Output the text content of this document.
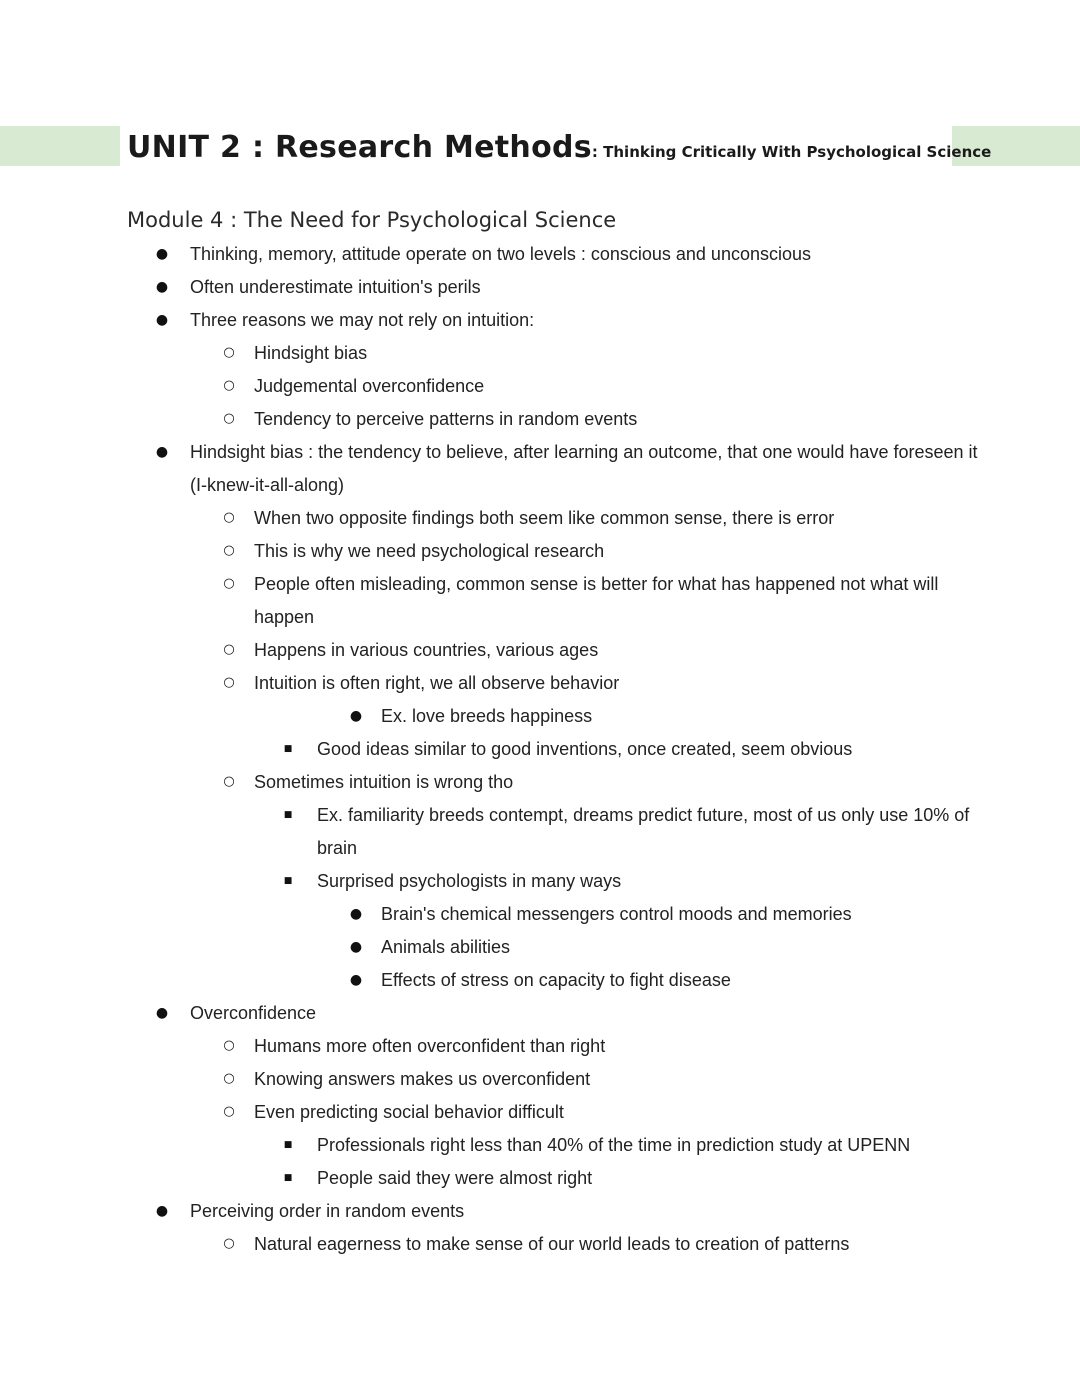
UNIT 2 : Research Methods: Thinking Critically With Psychological Science
Module 4 : The Need for Psychological Science
●
●
●
○
○
○
●
○
○
○
○
○
●
■
○
■
■
●
●
●
●
○
○
○
■
■
●
○
Thinking, memory, attitude operate on two levels : conscious and unconscious
Often underestimate intuition's perils
Three reasons we may not rely on intuition:
Hindsight bias
Judgemental overconfidence
Tendency to perceive patterns in random events
Hindsight bias : the tendency to believe, after learning an outcome, that one would have foreseen it
(I-knew-it-all-along)
When two opposite findings both seem like common sense, there is error
This is why we need psychological research
People often misleading, common sense is better for what has happened not what will
happen
Happens in various countries, various ages
Intuition is often right, we all observe behavior
Ex. love breeds happiness
Good ideas similar to good inventions, once created, seem obvious
Sometimes intuition is wrong tho
Ex. familiarity breeds contempt, dreams predict future, most of us only use 10% of
brain
Surprised psychologists in many ways
Brain's chemical messengers control moods and memories
Animals abilities
Effects of stress on capacity to fight disease
Overconfidence
Humans more often overconfident than right
Knowing answers makes us overconfident
Even predicting social behavior difficult
Professionals right less than 40% of the time in prediction study at UPENN
People said they were almost right
Perceiving order in random events
Natural eagerness to make sense of our world leads to creation of patterns
